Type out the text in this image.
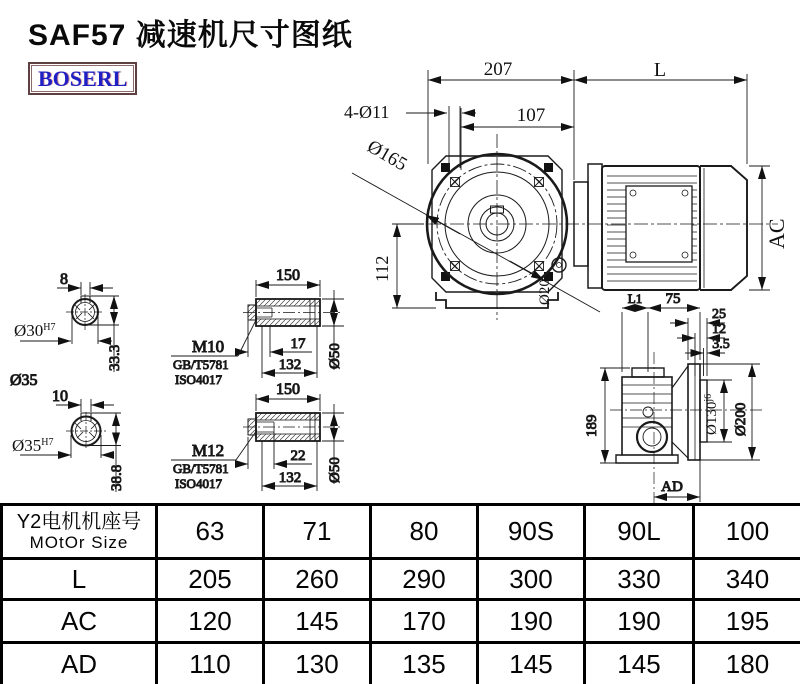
SAF57 减速机尺寸图纸
BOSERL	207	L
107
4-Ø11
Ø165
112
AC
Ø20
8
$Ø30^{H7}$
33.3
Ø35
10
$Ø35^{H7}$
38.8
150
17
132 Ø50
M10
GB/T5781
ISO4017
150
22
132 Ø50
M12
GB/T5781
ISO4017
L1 75
25
12
3.5
189	$Ø130^{j6}$
Ø200
AD
Y2电机机座号
MOtOr Size	63	71	80	90S	90L	100
L	205	260	290	300	330	340
AC	120	145	170	190	190	195
AD	110	130	135	145	145	180
